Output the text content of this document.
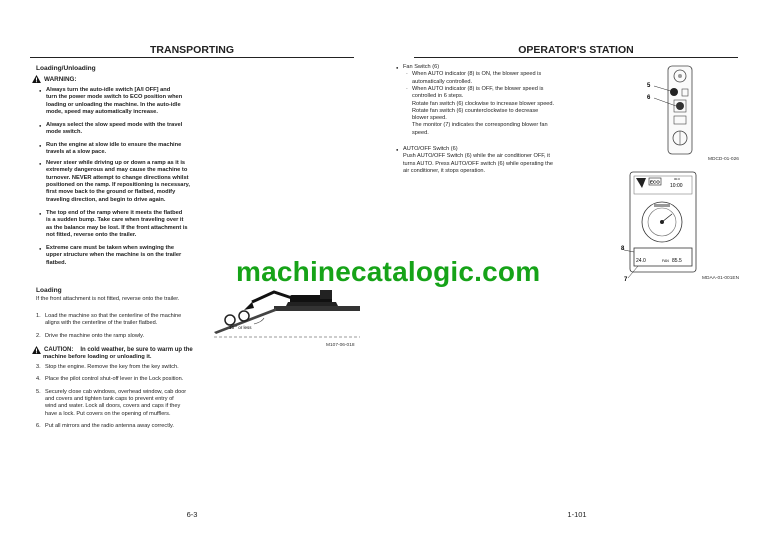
TRANSPORTING
Loading/Unloading
WARNING:
● Always turn the auto-idle switch [A/I OFF] and
turn the power mode switch to ECO position when
loading or unloading the machine. In the auto-idle
mode, speed may automatically increase.
● Always select the slow speed mode with the travel
mode switch.
● Run the engine at slow idle to ensure the machine
travels at a slow pace.
● Never steer while driving up or down a ramp as it is
extremely dangerous and may cause the machine to
turnover. NEVER attempt to change directions whilst
positioned on the ramp. If repositioning is necessary,
first move back to the ground or flatbed, modify
traveling direction, and begin to drive again.
● The top end of the ramp where it meets the flatbed
is a sudden bump. Take care when traveling over it
as the balance may be lost. If the front attachment is
not fitted, reverse onto the trailer.
● Extreme care must be taken when swinging the
upper structure when the machine is on the trailer
flatbed.
Loading
If the front attachment is not fitted, reverse onto the trailer.
1. Load the machine so that the centerline of the machine
aligns with the centerline of the trailer flatbed.
2. Drive the machine onto the ramp slowly.
15 ° or less
M107-06-018
CAUTION: In cold weather, be sure to warm up the
machine before loading or unloading it.
3. Stop the engine. Remove the key from the key switch.
4. Place the pilot control shut-off lever in the Lock position.
5. Securely close cab windows, overhead window, cab door
and covers and tighten tank caps to prevent entry of
wind and water. Lock all doors, covers and caps if they
have a lock. Put covers on the opening of mufflers.
6. Put all mirrors and the radio antenna away correctly.
6-3
OPERATOR'S STATION
● Fan Switch (6)
· When AUTO indicator (8) is ON, the blower speed is
automatically controlled.
· When AUTO indicator (8) is OFF, the blower speed is
controlled in 6 steps.
Rotate fan switch (6) clockwise to increase blower speed.
Rotate fan switch (6) counterclockwise to decrease
blower speed.
The monitor (7) indicates the corresponding blower fan
speed.
● AUTO/OFF Switch (6)
Push AUTO/OFF Switch (6) while the air conditioner OFF, it
turns AUTO. Press AUTO/OFF switch (6) while operating the
air conditioner, it stops operation.
5
6
MDCD-01-026
ECO
00.0
10:00
24.0	FAN 85.5
8
7	MDAA-01-001EN
1-101
machinecatalogic.com
